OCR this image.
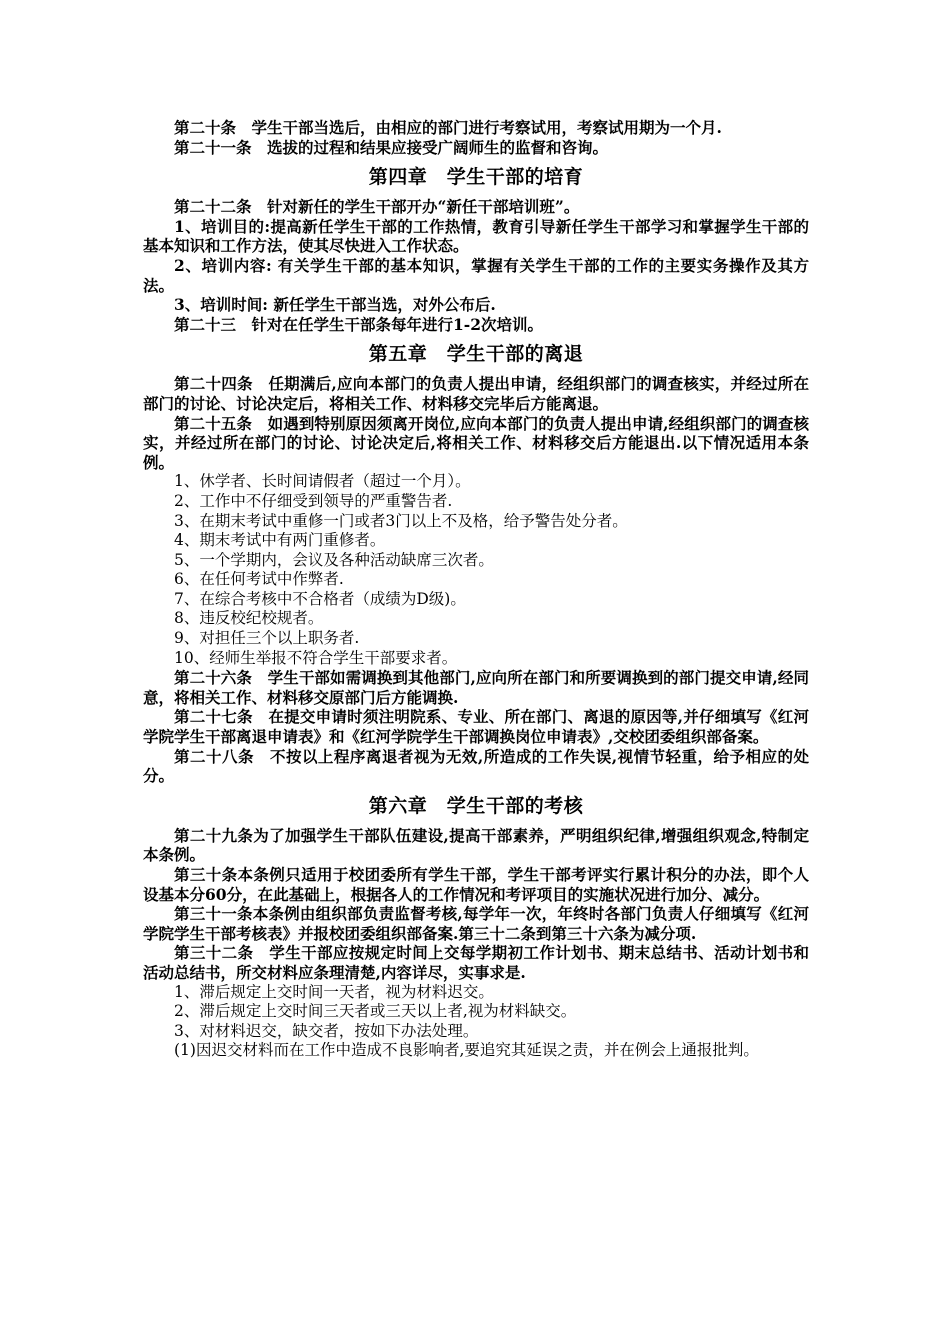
第二十条　学生干部当选后，由相应的部门进行考察试用，考察试用期为一个月.

第二十一条　选拔的过程和结果应接受广阔师生的监督和咨询。

第四章　学生干部的培育

第二十二条　针对新任的学生干部开办“新任干部培训班”。

1、培训目的:提高新任学生干部的工作热情，教育引导新任学生干部学习和掌握学生干部的基本知识和工作方法，使其尽快进入工作状态。

2、培训内容: 有关学生干部的基本知识，掌握有关学生干部的工作的主要实务操作及其方法。

3、培训时间: 新任学生干部当选，对外公布后.

第二十三　针对在任学生干部条每年进行1-2次培训。

第五章　学生干部的离退

第二十四条　任期满后,应向本部门的负责人提出申请，经组织部门的调查核实，并经过所在部门的讨论、讨论决定后，将相关工作、材料移交完毕后方能离退。

第二十五条　如遇到特别原因须离开岗位,应向本部门的负责人提出申请,经组织部门的调查核实，并经过所在部门的讨论、讨论决定后,将相关工作、材料移交后方能退出.以下情况适用本条例。

1、休学者、长时间请假者（超过一个月）。

2、工作中不仔细受到领导的严重警告者.

3、在期末考试中重修一门或者3门以上不及格，给予警告处分者。

4、期末考试中有两门重修者。

5、一个学期内，会议及各种活动缺席三次者。

6、在任何考试中作弊者.

7、在综合考核中不合格者（成绩为D级)。

8、违反校纪校规者。

9、对担任三个以上职务者.

10、经师生举报不符合学生干部要求者。

第二十六条　学生干部如需调换到其他部门,应向所在部门和所要调换到的部门提交申请,经同意，将相关工作、材料移交原部门后方能调换.

第二十七条　在提交申请时须注明院系、专业、所在部门、离退的原因等,并仔细填写《红河学院学生干部离退申请表》和《红河学院学生干部调换岗位申请表》,交校团委组织部备案。

第二十八条　不按以上程序离退者视为无效,所造成的工作失误,视情节轻重，给予相应的处分。

第六章　学生干部的考核

第二十九条为了加强学生干部队伍建设,提高干部素养，严明组织纪律,增强组织观念,特制定本条例。

第三十条本条例只适用于校团委所有学生干部，学生干部考评实行累计积分的办法，即个人设基本分60分，在此基础上，根据各人的工作情况和考评项目的实施状况进行加分、减分。

第三十一条本条例由组织部负责监督考核,每学年一次，年终时各部门负责人仔细填写《红河学院学生干部考核表》并报校团委组织部备案.第三十二条到第三十六条为减分项.

第三十二条　学生干部应按规定时间上交每学期初工作计划书、期末总结书、活动计划书和活动总结书，所交材料应条理清楚,内容详尽，实事求是.

1、滞后规定上交时间一天者，视为材料迟交。

2、滞后规定上交时间三天者或三天以上者,视为材料缺交。

3、对材料迟交，缺交者，按如下办法处理。

(1)因迟交材料而在工作中造成不良影响者,要追究其延误之责，并在例会上通报批判。
